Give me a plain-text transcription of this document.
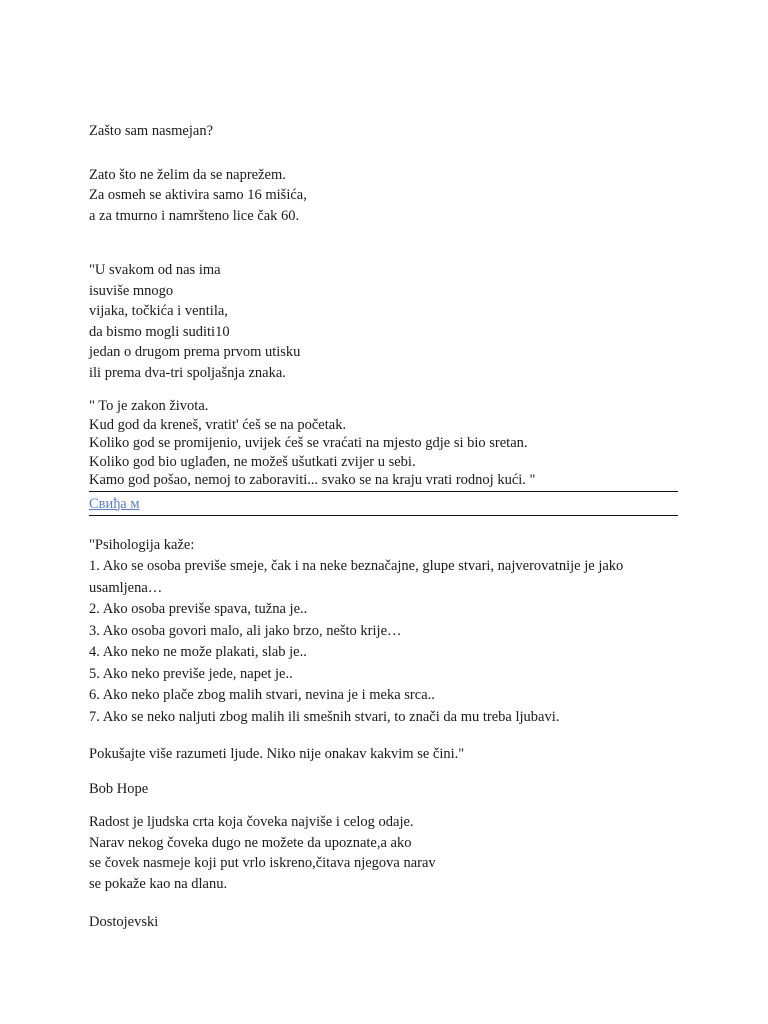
Zašto sam nasmejan?
Zato što ne želim da se naprežem.
Za osmeh se aktivira samo 16 mišića,
a za tmurno i namršteno lice čak 60.
"U svakom od nas ima
isuviše mnogo
vijaka, točkića i ventila,
da bismo mogli suditi10
jedan o drugom prema prvom utisku
ili prema dva-tri spoljašnja znaka.
" To je zakon života.
Kud god da kreneš, vratit' ćeš se na početak.
Koliko god se promijenio, uvijek ćeš se vraćati na mjesto gdje si bio sretan.
Koliko god bio uglađen, ne možeš ušutkati zvijer u sebi.
Kamo god pošao, nemoj to zaboraviti... svako se na kraju vrati rodnoj kući. "
Свиђа м
"Psihologija kaže:
1. Ako se osoba previše smeje, čak i na neke beznačajne, glupe stvari, najverovatnije je jako usamljena…
2. Ako osoba previše spava, tužna je..
3. Ako osoba govori malo, ali jako brzo, nešto krije…
4. Ako neko ne može plakati, slab je..
5. Ako neko previše jede, napet je..
6. Ako neko plače zbog malih stvari, nevina je i meka srca..
7. Ako se neko naljuti zbog malih ili smešnih stvari, to znači da mu treba ljubavi.
Pokušajte više razumeti ljude. Niko nije onakav kakvim se čini."
Bob Hope
Radost je ljudska crta koja čoveka najviše i celog odaje.
Narav nekog čoveka dugo ne možete da upoznate,a ako
se čovek nasmeje koji put vrlo iskreno,čitava njegova narav
se pokaže kao na dlanu.
Dostojevski
